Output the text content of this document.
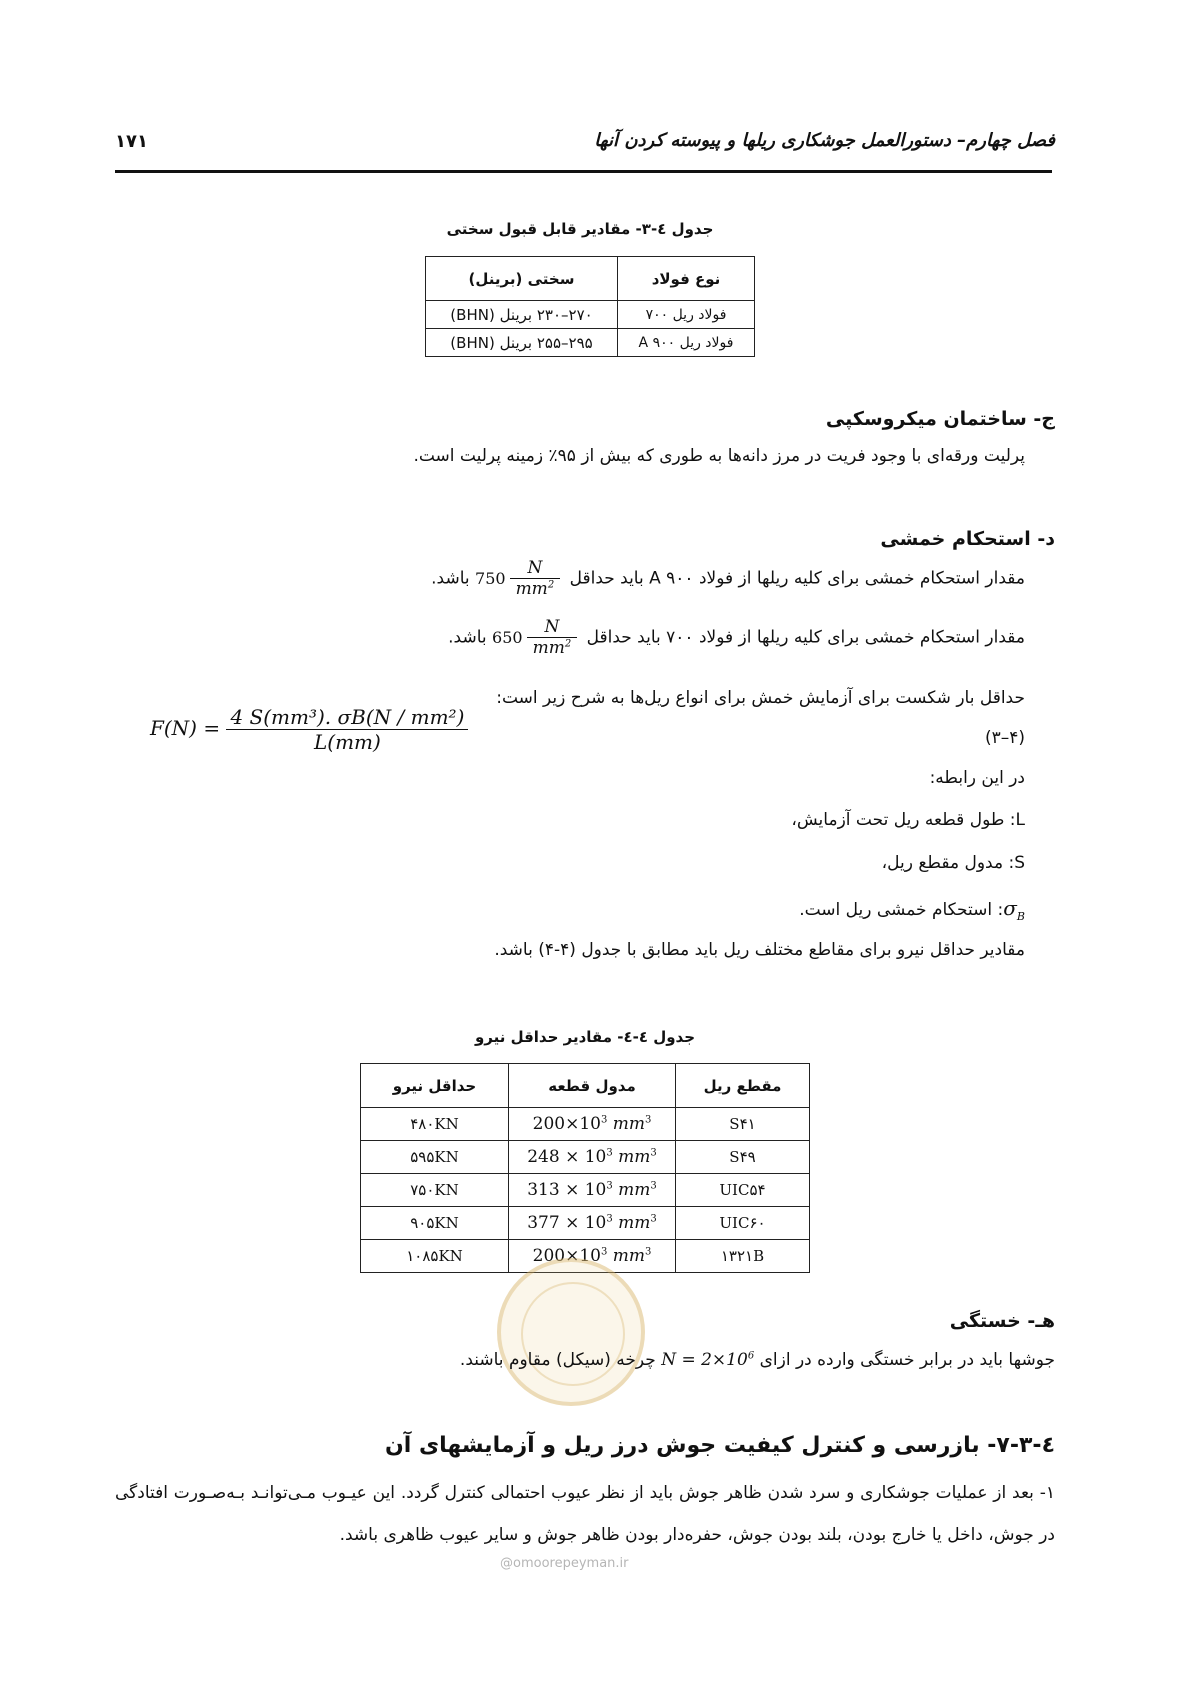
فصل چهارم– دستورالعمل جوشکاری ریلها و پیوسته کردن آنها
۱۷۱
جدول ٤-۳- مقادیر قابل قبول سختی
نوع فولاد	سختی (برینل)
فولاد ریل ۷۰۰	۲۷۰–۲۳۰ برینل (BHN)
فولاد ریل A ۹۰۰	۲۹۵–۲۵۵ برینل (BHN)
ج- ساختمان میکروسکپی
پرلیت ورقه‌ای با وجود فریت در مرز دانه‌ها به طوری که بیش از ۹۵٪ زمینه پرلیت است.
د- استحکام خمشی
مقدار استحکام خمشی برای کلیه ریلها از فولاد A ۹۰۰ باید حداقل $750 \frac{N}{mm^2}$
باشد.
مقدار استحکام خمشی برای کلیه ریلها از فولاد ۷۰۰ باید حداقل $650 \frac{N}{mm^2}$
باشد.
حداقل بار شکست برای آزمایش خمش برای انواع ریل‌ها به شرح زیر است:
$F(N) = \frac{\text{4 S(mm³). σB(N / mm²)}}{L(mm)}$	(۴–۳)
در این رابطه:
L: طول قطعه ریل تحت آزمایش،
S: مدول مقطع ریل،
$\sigma_B$: استحکام خمشی ریل است.
مقادیر حداقل نیرو برای مقاطع مختلف ریل باید مطابق با جدول (۴-۴) باشد.
جدول ٤-٤- مقادیر حداقل نیرو
مقطع ریل	مدول قطعه	حداقل نیرو
S۴۱	$200\times 10^3$ $mm^3$	۴۸۰KN
S۴۹	$248 \times 10^3$ $mm^3$	۵۹۵KN
UIC۵۴	$313 \times 10^3$ $mm^3$	۷۵۰KN
UIC۶۰	$377 \times 10^3$ $mm^3$	۹۰۵KN
۱۳۲۱B	$200\times 10^3$ $mm^3$	۱۰۸۵KN
هـ- خستگی
جوشها باید در برابر خستگی وارده در ازای $N = 2\times 10^6$ چرخه (سیکل) مقاوم باشند.
٤-۷-۳- بازرسی و کنترل کیفیت جوش درز ریل و آزمایشهای آن
۱- بعد از عملیات جوشکاری و سرد شدن ظاهر جوش باید از نظر عیوب احتمالی کنترل گردد. این عیـوب مـی‌توانـد بـه‌صـورت افتادگی در جوش، داخل یا خارج بودن، بلند بودن جوش، حفره‌دار بودن ظاهر جوش و سایر عیوب ظاهری باشد.
@omoorepeyman.ir
